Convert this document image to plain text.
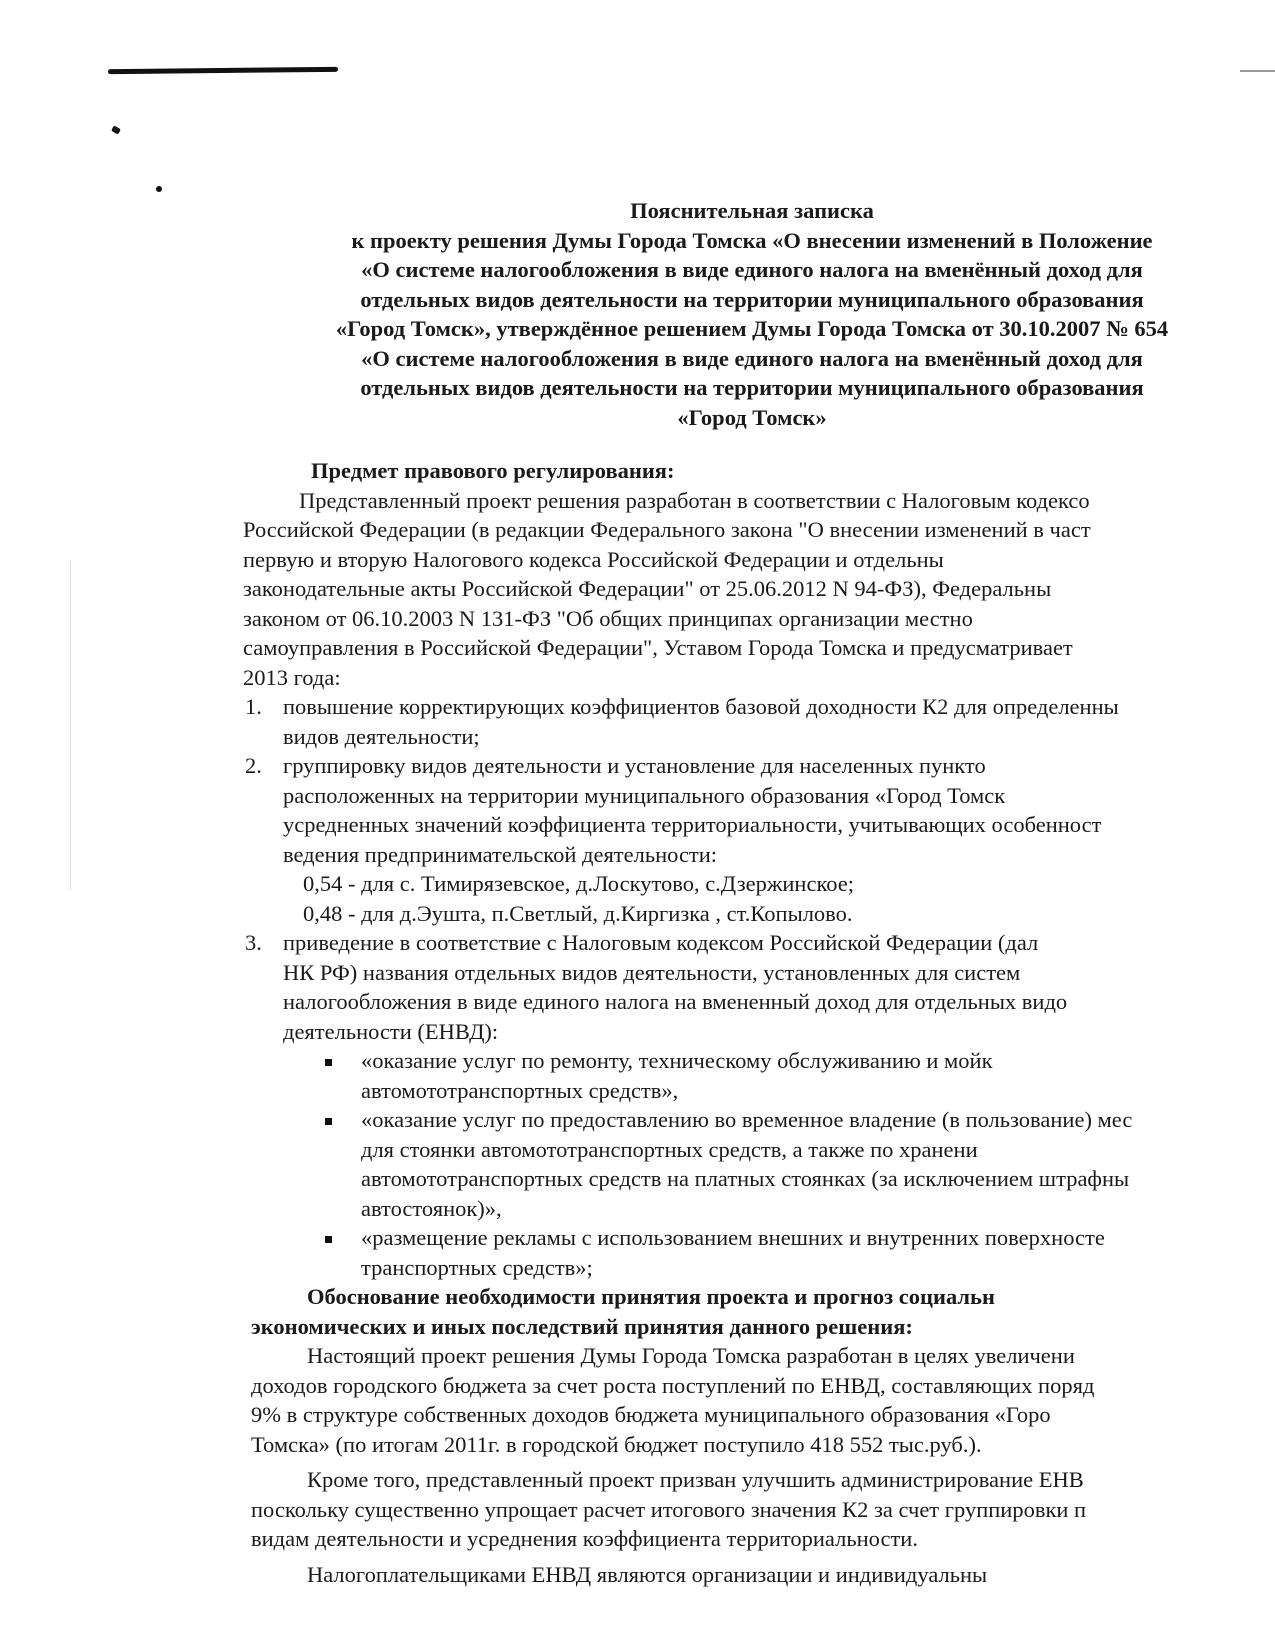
Пояснительная записка
к проекту решения Думы Города Томска «О внесении изменений в Положение
«О системе налогообложения в виде единого налога на вменённый доход для
отдельных видов деятельности на территории муниципального образования
«Город Томск», утверждённое решением Думы Города Томска от 30.10.2007 № 654
«О системе налогообложения в виде единого налога на вменённый доход для
отдельных видов деятельности на территории муниципального образования
«Город Томск»
Предмет правового регулирования:
Представленный проект решения разработан в соответствии с Налоговым кодексо
Российской Федерации (в редакции Федерального закона "О внесении изменений в част
первую и вторую Налогового кодекса Российской Федерации и отдельны
законодательные акты Российской Федерации" от 25.06.2012 N 94-ФЗ), Федеральны
законом от 06.10.2003 N 131-ФЗ "Об общих принципах организации местно
самоуправления в Российской Федерации", Уставом Города Томска и предусматривает
2013 года:
1. повышение корректирующих коэффициентов базовой доходности К2 для определенны
видов деятельности;
2. группировку видов деятельности и установление для населенных пункто
расположенных на территории муниципального образования «Город Томск
усредненных значений коэффициента территориальности, учитывающих особенност
ведения предпринимательской деятельности:
0,54 - для с. Тимирязевское, д.Лоскутово, с.Дзержинское;
0,48 - для д.Эушта, п.Светлый, д.Киргизка , ст.Копылово.
3. приведение в соответствие с Налоговым кодексом Российской Федерации (дал
НК РФ) названия отдельных видов деятельности, установленных для систем
налогообложения в виде единого налога на вмененный доход для отдельных видо
деятельности (ЕНВД):
«оказание услуг по ремонту, техническому обслуживанию и мойк
автомототранспортных средств»,
«оказание услуг по предоставлению во временное владение (в пользование) мес
для стоянки автомототранспортных средств, а также по хранени
автомототранспортных средств на платных стоянках (за исключением штрафны
автостоянок)»,
«размещение рекламы с использованием внешних и внутренних поверхносте
транспортных средств»;
Обоснование необходимости принятия проекта и прогноз социальн
экономических и иных последствий принятия данного решения:
Настоящий проект решения Думы Города Томска разработан в целях увеличени
доходов городского бюджета за счет роста поступлений по ЕНВД, составляющих поряд
9% в структуре собственных доходов бюджета муниципального образования «Горо
Томска» (по итогам 2011г. в городской бюджет поступило 418 552 тыс.руб.).
Кроме того, представленный проект призван улучшить администрирование ЕНВ
поскольку существенно упрощает расчет итогового значения К2 за счет группировки п
видам деятельности и усреднения коэффициента территориальности.
Налогоплательщиками ЕНВД являются организации и индивидуальны
